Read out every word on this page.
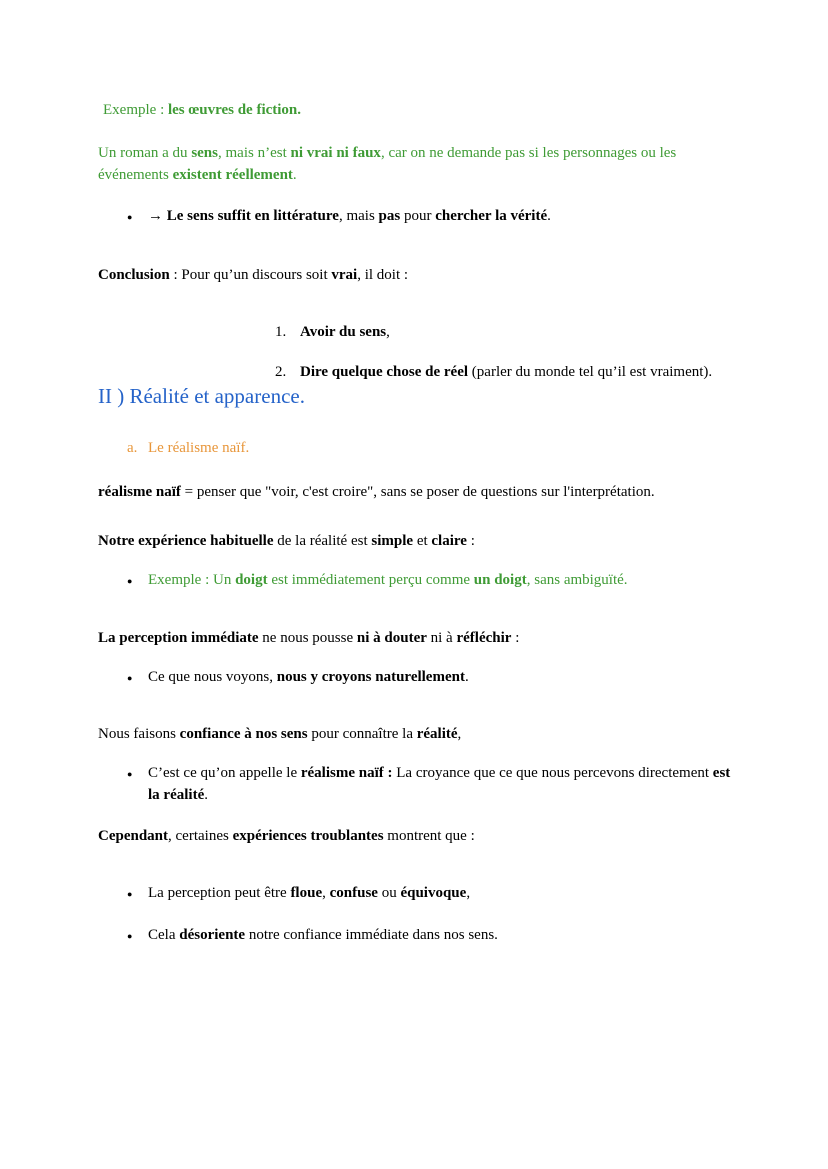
Exemple : les œuvres de fiction.

Un roman a du sens, mais n’est ni vrai ni faux, car on ne demande pas si les personnages ou les événements existent réellement.

● → Le sens suffit en littérature, mais pas pour chercher la vérité.

Conclusion : Pour qu’un discours soit vrai, il doit :

1. Avoir du sens,
2. Dire quelque chose de réel (parler du monde tel qu’il est vraiment).
II ) Réalité et apparence.
a. Le réalisme naïf.

réalisme naïf = penser que "voir, c'est croire", sans se poser de questions sur l'interprétation.

Notre expérience habituelle de la réalité est simple et claire :

● Exemple : Un doigt est immédiatement perçu comme un doigt, sans ambiguïté.

La perception immédiate ne nous pousse ni à douter ni à réfléchir :

● Ce que nous voyons, nous y croyons naturellement.

Nous faisons confiance à nos sens pour connaître la réalité,

● C’est ce qu’on appelle le réalisme naïf : La croyance que ce que nous percevons directement est la réalité.

Cependant, certaines expériences troublantes montrent que :

● La perception peut être floue, confuse ou équivoque,
● Cela désoriente notre confiance immédiate dans nos sens.
